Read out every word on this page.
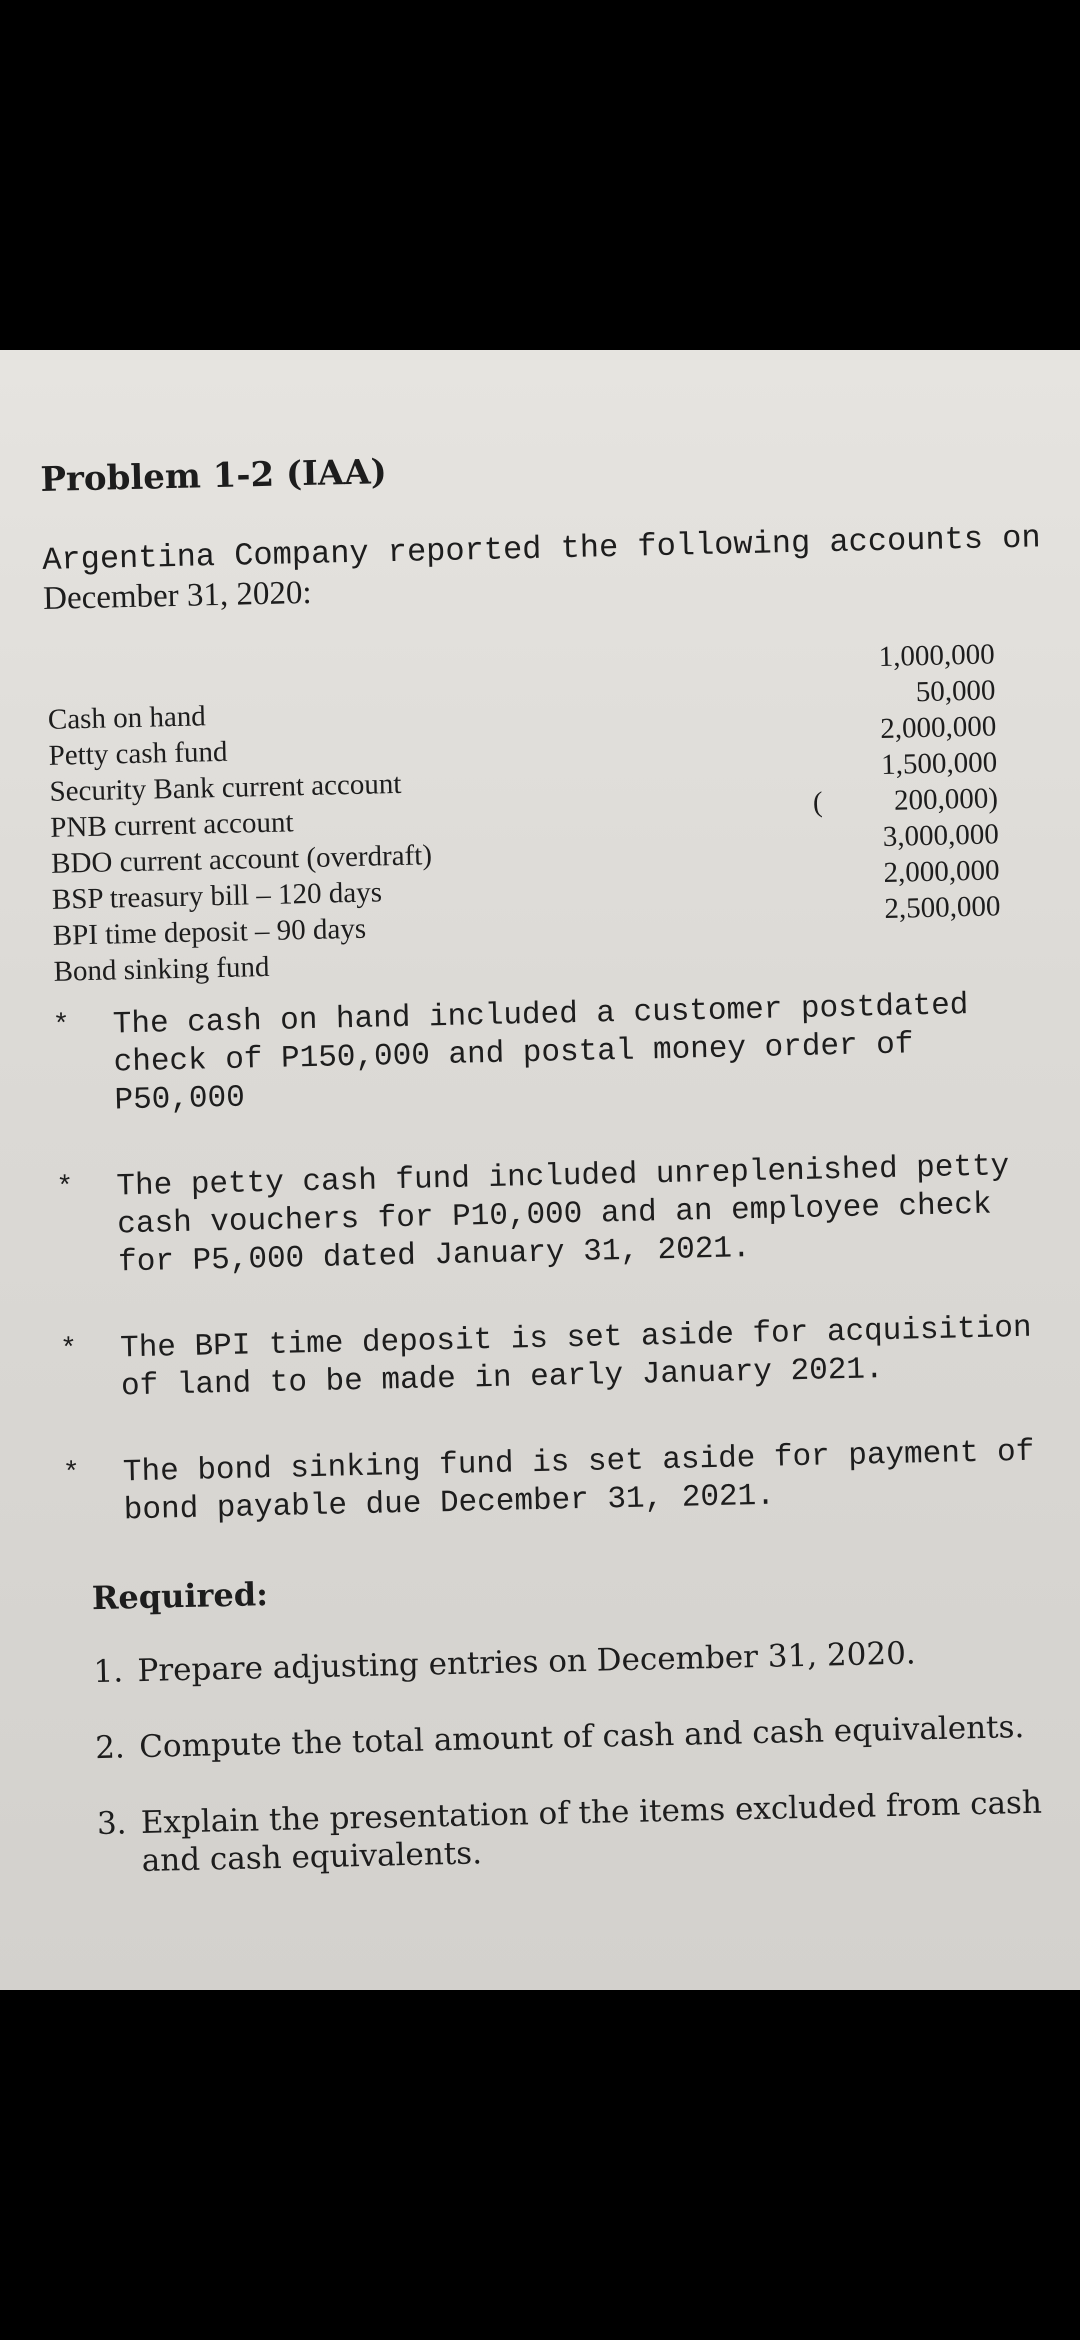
Problem 1-2 (IAA)
Argentina Company reported the following accounts on
December 31, 2020:
Cash on hand
Petty cash fund
Security Bank current account
PNB current account
BDO current account (overdraft)
BSP treasury bill – 120 days
BPI time deposit – 90 days
Bond sinking fund
1,000,000
50,000
2,000,000
1,500,000
( 200,000)
3,000,000
2,000,000
2,500,000
* The cash on hand included a customer postdated check of P150,000 and postal money order of P50,000
* The petty cash fund included unreplenished petty cash vouchers for P10,000 and an employee check for P5,000 dated January 31, 2021.
* The BPI time deposit is set aside for acquisition of land to be made in early January 2021.
* The bond sinking fund is set aside for payment of bond payable due December 31, 2021.
Required:
1. Prepare adjusting entries on December 31, 2020.
2. Compute the total amount of cash and cash equivalents.
3. Explain the presentation of the items excluded from cash and cash equivalents.
